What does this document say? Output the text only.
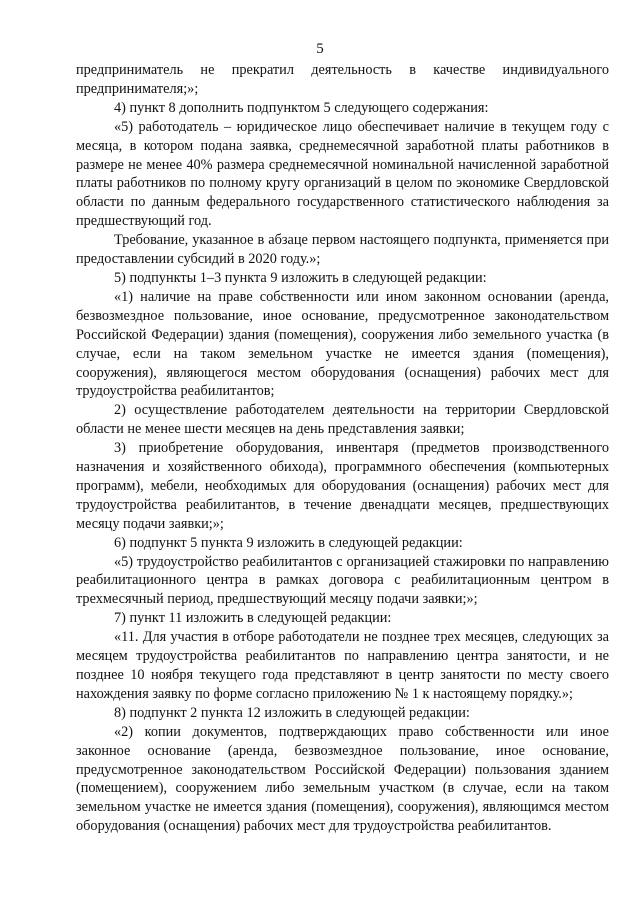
5

предприниматель не прекратил деятельность в качестве индивидуального предпринимателя;»;

4) пункт 8 дополнить подпунктом 5 следующего содержания:

«5) работодатель – юридическое лицо обеспечивает наличие в текущем году с месяца, в котором подана заявка, среднемесячной заработной платы работников в размере не менее 40% размера среднемесячной номинальной начисленной заработной платы работников по полному кругу организаций в целом по экономике Свердловской области по данным федерального государственного статистического наблюдения за предшествующий год.

Требование, указанное в абзаце первом настоящего подпункта, применяется при предоставлении субсидий в 2020 году.»;

5) подпункты 1–3 пункта 9 изложить в следующей редакции:

«1) наличие на праве собственности или ином законном основании (аренда, безвозмездное пользование, иное основание, предусмотренное законодательством Российской Федерации) здания (помещения), сооружения либо земельного участка (в случае, если на таком земельном участке не имеется здания (помещения), сооружения), являющегося местом оборудования (оснащения) рабочих мест для трудоустройства реабилитантов;

2) осуществление работодателем деятельности на территории Свердловской области не менее шести месяцев на день представления заявки;

3) приобретение оборудования, инвентаря (предметов производственного назначения и хозяйственного обихода), программного обеспечения (компьютерных программ), мебели, необходимых для оборудования (оснащения) рабочих мест для трудоустройства реабилитантов, в течение двенадцати месяцев, предшествующих месяцу подачи заявки;»;

6) подпункт 5 пункта 9 изложить в следующей редакции:

«5) трудоустройство реабилитантов с организацией стажировки по направлению реабилитационного центра в рамках договора с реабилитационным центром в трехмесячный период, предшествующий месяцу подачи заявки;»;

7) пункт 11 изложить в следующей редакции:

«11. Для участия в отборе работодатели не позднее трех месяцев, следующих за месяцем трудоустройства реабилитантов по направлению центра занятости, и не позднее 10 ноября текущего года представляют в центр занятости по месту своего нахождения заявку по форме согласно приложению № 1 к настоящему порядку.»;

8) подпункт 2 пункта 12 изложить в следующей редакции:

«2) копии документов, подтверждающих право собственности или иное законное основание (аренда, безвозмездное пользование, иное основание, предусмотренное законодательством Российской Федерации) пользования зданием (помещением), сооружением либо земельным участком (в случае, если на таком земельном участке не имеется здания (помещения), сооружения), являющимся местом оборудования (оснащения) рабочих мест для трудоустройства реабилитантов.
